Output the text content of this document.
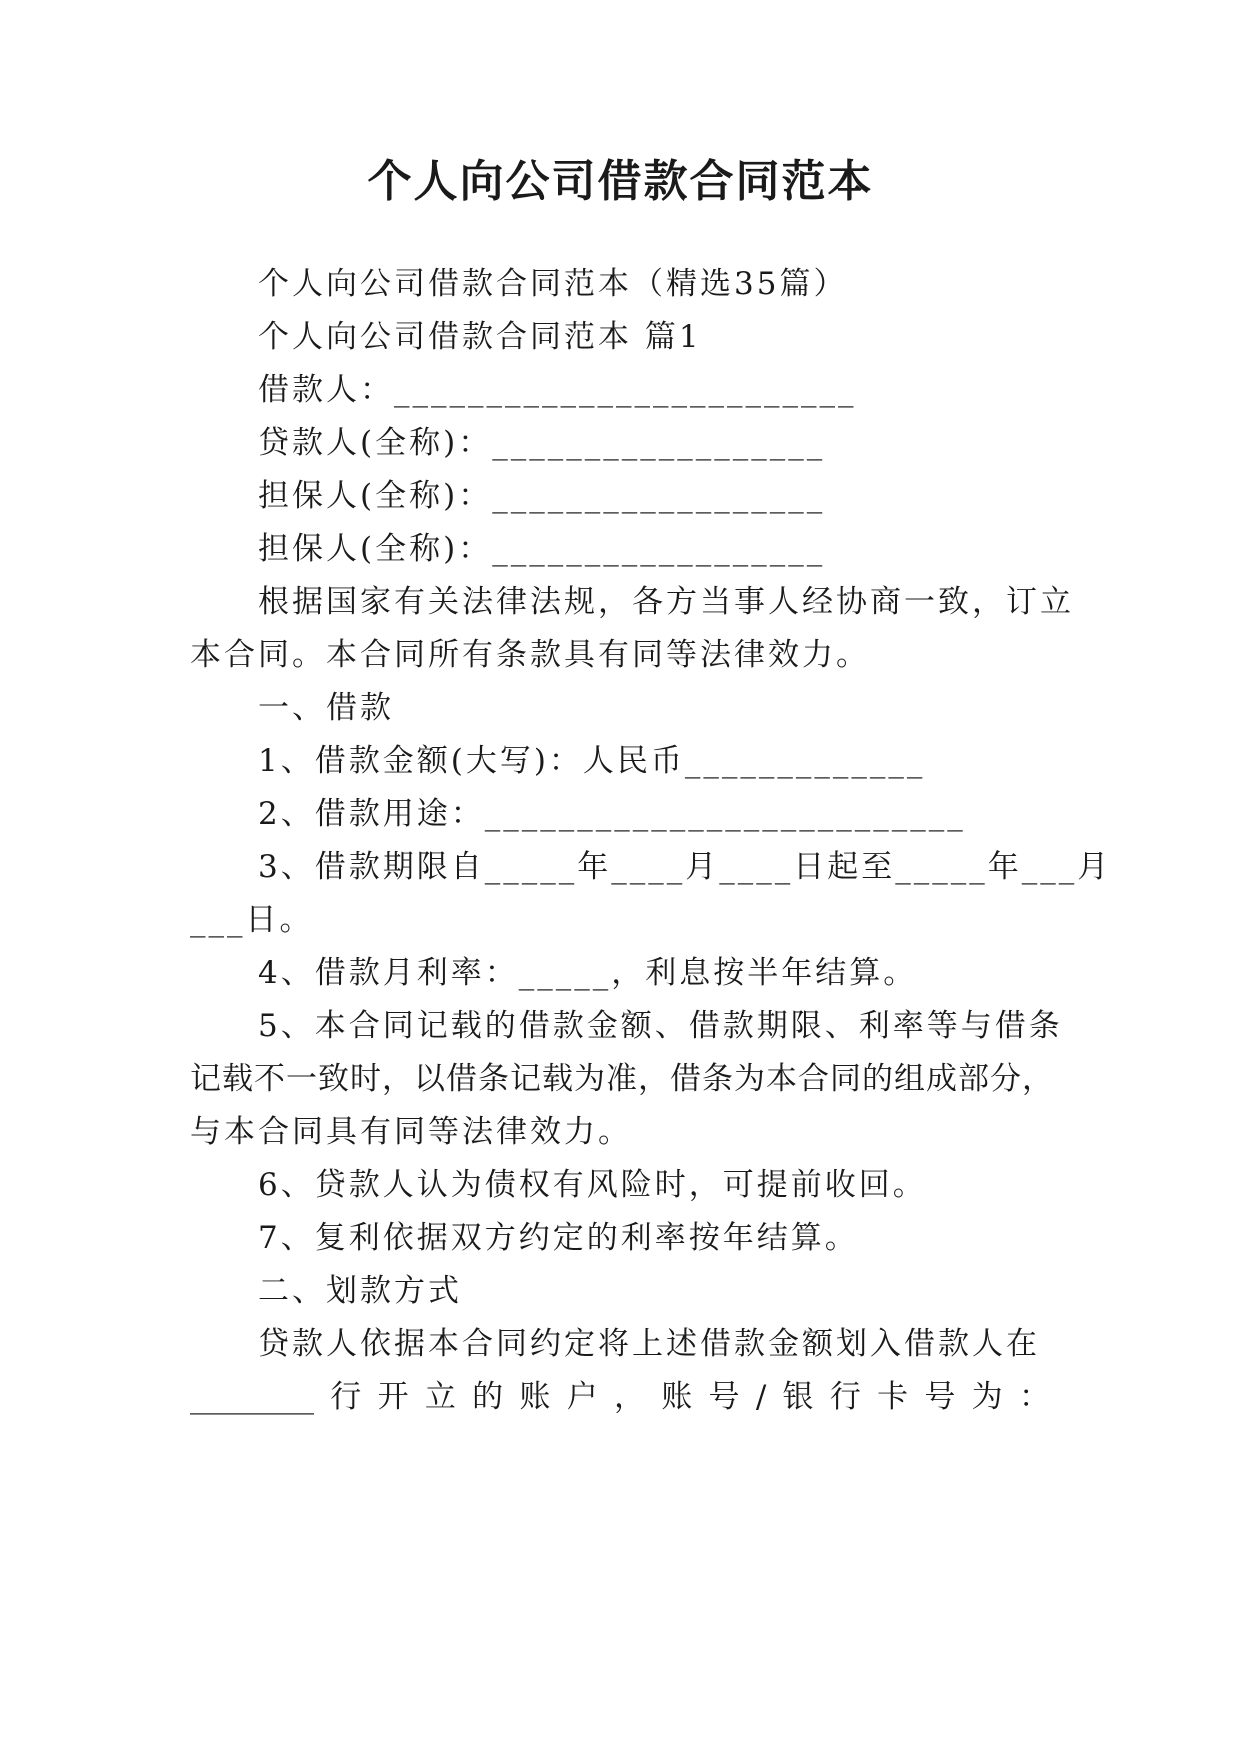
个人向公司借款合同范本
个人向公司借款合同范本（精选35篇）
个人向公司借款合同范本 篇1
借款人：_________________________
贷款人(全称)：__________________
担保人(全称)：__________________
担保人(全称)：__________________
根据国家有关法律法规，各方当事人经协商一致，订立
本合同。本合同所有条款具有同等法律效力。
一、借款
1、借款金额(大写)：人民币_____________
2、借款用途：__________________________
3、借款期限自_____年____月____日起至_____年___月
___日。
4、借款月利率：_____，利息按半年结算。
5、本合同记载的借款金额、借款期限、利率等与借条
记载不一致时，以借条记载为准，借条为本合同的组成部分，
与本合同具有同等法律效力。
6、贷款人认为债权有风险时，可提前收回。
7、复利依据双方约定的利率按年结算。
二、划款方式
贷款人依据本合同约定将上述借款金额划入借款人在
________ 行 开 立 的 账 户 ， 账 号 / 银 行 卡 号 为 ：
